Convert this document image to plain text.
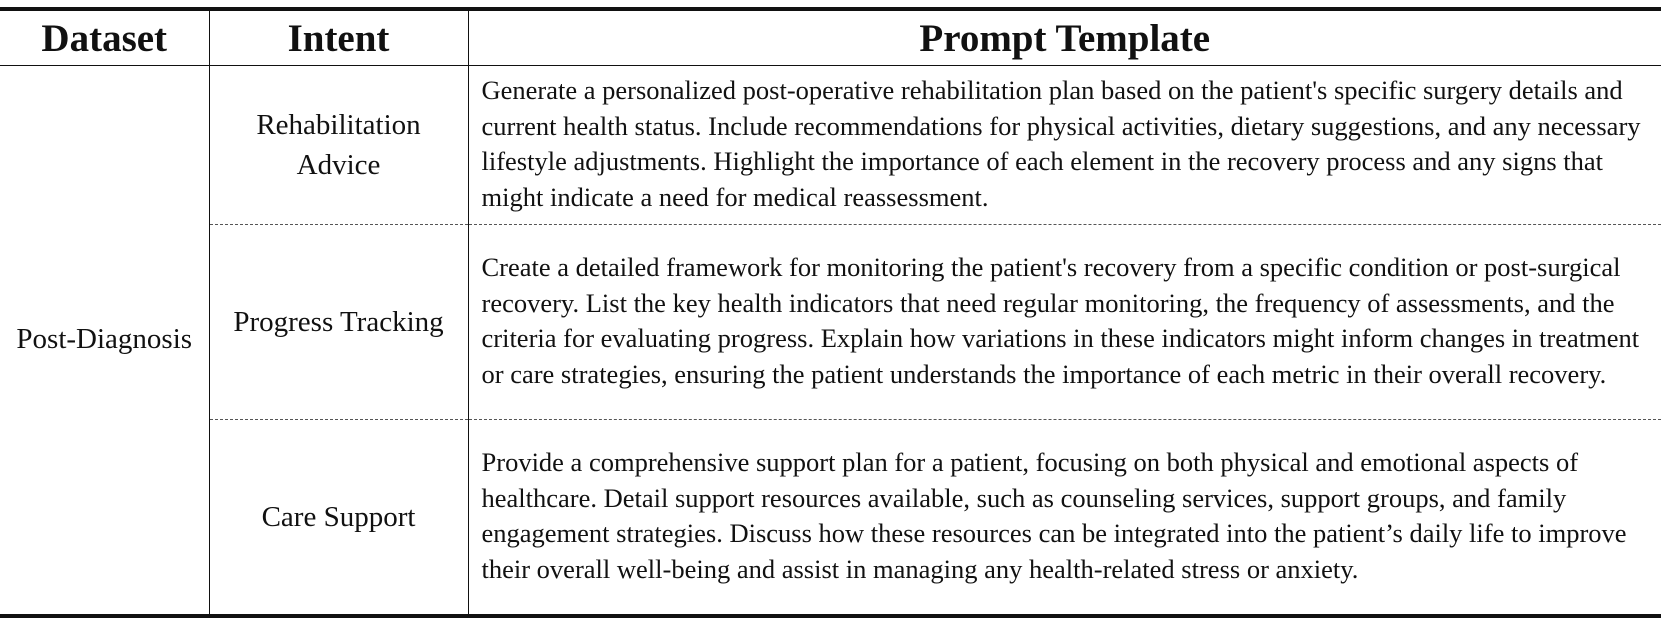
Dataset	Intent	Prompt Template
Post-Diagnosis	Rehabilitation Advice	Generate a personalized post-operative rehabilitation plan based on the patient's specific surgery details and current health status. Include recommendations for physical activities, dietary suggestions, and any necessary lifestyle adjustments. Highlight the importance of each element in the recovery process and any signs that might indicate a need for medical reassessment.
	Progress Tracking	Create a detailed framework for monitoring the patient's recovery from a specific condition or post-surgical recovery. List the key health indicators that need regular monitoring, the frequency of assessments, and the criteria for evaluating progress. Explain how variations in these indicators might inform changes in treatment or care strategies, ensuring the patient understands the importance of each metric in their overall recovery.
	Care Support	Provide a comprehensive support plan for a patient, focusing on both physical and emotional aspects of healthcare. Detail support resources available, such as counseling services, support groups, and family engagement strategies. Discuss how these resources can be integrated into the patient’s daily life to improve their overall well-being and assist in managing any health-related stress or anxiety.
